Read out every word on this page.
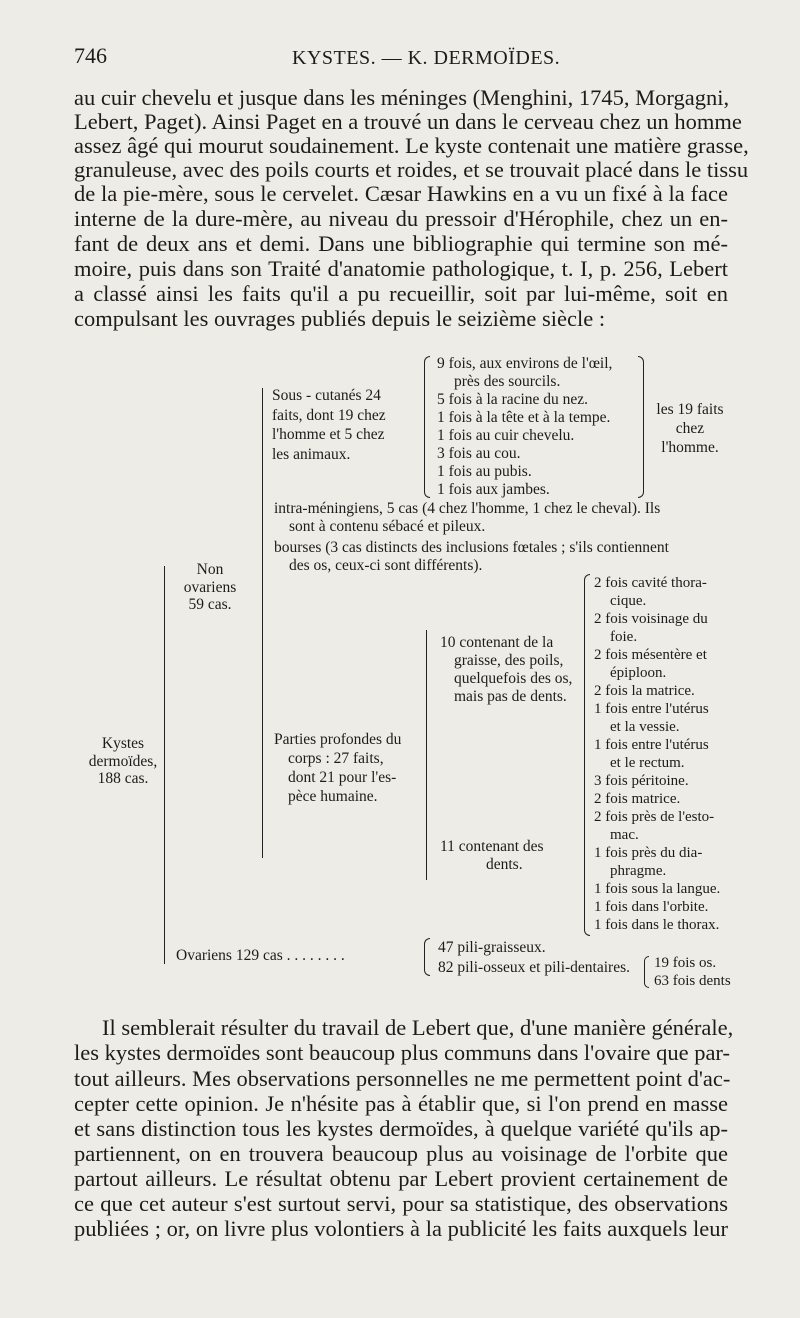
746	KYSTES. — K. DERMOÏDES.
au cuir chevelu et jusque dans les méninges (Menghini, 1745, Morgagni,
Lebert, Paget). Ainsi Paget en a trouvé un dans le cerveau chez un homme
assez âgé qui mourut soudainement. Le kyste contenait une matière grasse,
granuleuse, avec des poils courts et roides, et se trouvait placé dans le tissu
de la pie-mère, sous le cervelet. Cæsar Hawkins en a vu un fixé à la face
interne de la dure-mère, au niveau du pressoir d'Hérophile, chez un en-
fant de deux ans et demi. Dans une bibliographie qui termine son mé-
moire, puis dans son Traité d'anatomie pathologique, t. I, p. 256, Lebert
a classé ainsi les faits qu'il a pu recueillir, soit par lui-même, soit en
compulsant les ouvrages publiés depuis le seizième siècle :
Kystes
dermoïdes,
188 cas.
Non
ovariens
59 cas.
Sous - cutanés 24
faits, dont 19 chez
l'homme et 5 chez
les animaux.
9 fois, aux environs de l'œil,
près des sourcils.
5 fois à la racine du nez.
1 fois à la tête et à la tempe.
1 fois au cuir chevelu.
3 fois au cou.
1 fois au pubis.
1 fois aux jambes.
les 19 faits
chez
l'homme.
intra-méningiens, 5 cas (4 chez l'homme, 1 chez le cheval). Ils
sont à contenu sébacé et pileux.
bourses (3 cas distincts des inclusions fœtales ; s'ils contiennent
des os, ceux-ci sont différents).
Parties profondes du
corps : 27 faits,
dont 21 pour l'es-
pèce humaine.
10 contenant de la
graisse, des poils,
quelquefois des os,
mais pas de dents.
11 contenant des
dents.
2 fois cavité thora-
cique.
2 fois voisinage du
foie.
2 fois mésentère et
épiploon.
2 fois la matrice.
1 fois entre l'utérus
et la vessie.
1 fois entre l'utérus
et le rectum.
3 fois péritoine.
2 fois matrice.
2 fois près de l'esto-
mac.
1 fois près du dia-
phragme.
1 fois sous la langue.
1 fois dans l'orbite.
1 fois dans le thorax.
Ovariens 129 cas . . . . . . . .	47 pili-graisseux.
82 pili-osseux et pili-dentaires. 19 fois os.
63 fois dents
Il semblerait résulter du travail de Lebert que, d'une manière générale,
les kystes dermoïdes sont beaucoup plus communs dans l'ovaire que par-
tout ailleurs. Mes observations personnelles ne me permettent point d'ac-
cepter cette opinion. Je n'hésite pas à établir que, si l'on prend en masse
et sans distinction tous les kystes dermoïdes, à quelque variété qu'ils ap-
partiennent, on en trouvera beaucoup plus au voisinage de l'orbite que
partout ailleurs. Le résultat obtenu par Lebert provient certainement de
ce que cet auteur s'est surtout servi, pour sa statistique, des observations
publiées ; or, on livre plus volontiers à la publicité les faits auxquels leur
